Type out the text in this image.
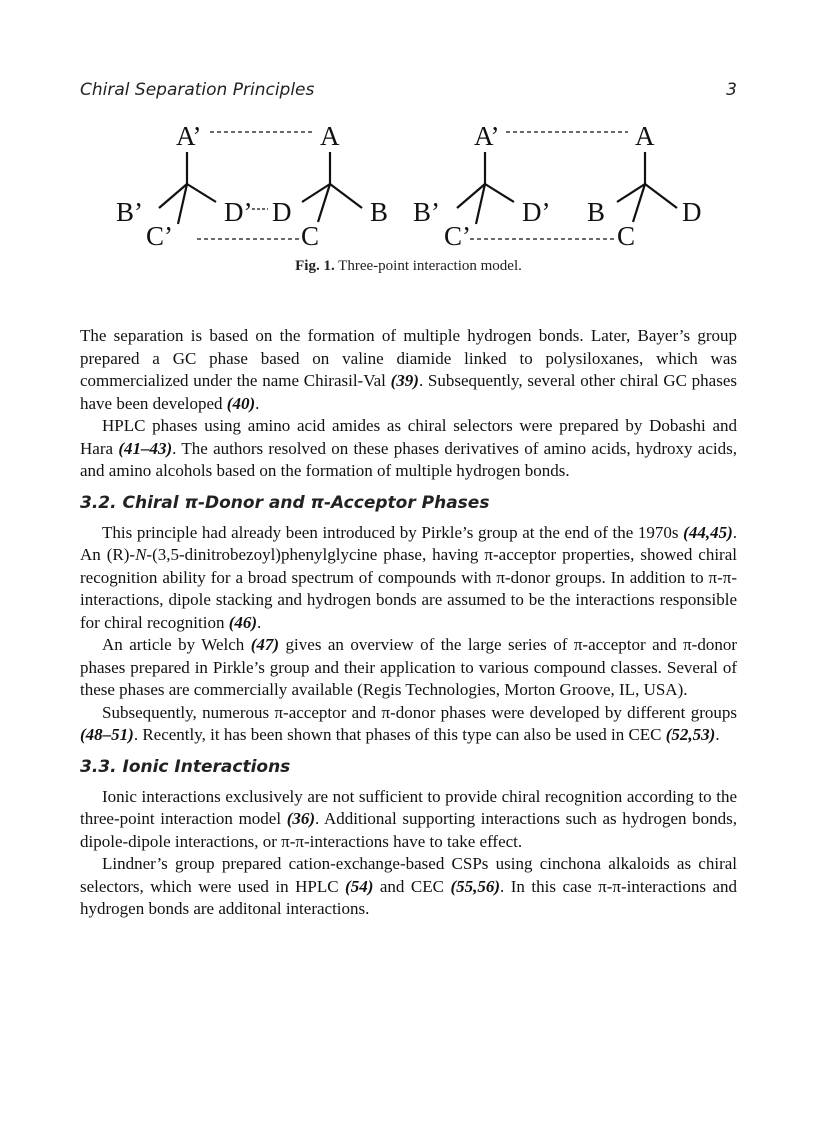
Chiral Separation Principles	3
A’	A
B’	D’ D	B
C’	C
A’	A
B’	D’ B	D
C’	C
Fig. 1. Three-point interaction model.

The separation is based on the formation of multiple hydrogen bonds. Later, Bayer’s group prepared a GC phase based on valine diamide linked to polysiloxanes, which was commercialized under the name Chirasil-Val (39). Subsequently, several other chiral GC phases have been developed (40).

HPLC phases using amino acid amides as chiral selectors were prepared by Dobashi and Hara (41–43). The authors resolved on these phases derivatives of amino acids, hydroxy acids, and amino alcohols based on the formation of multiple hydrogen bonds.

3.2. Chiral π-Donor and π-Acceptor Phases

This principle had already been introduced by Pirkle’s group at the end of the 1970s (44,45). An (R)-N-(3,5-dinitrobezoyl)phenylglycine phase, having π-acceptor properties, showed chiral recognition ability for a broad spectrum of compounds with π-donor groups. In addition to π-π-interactions, dipole stacking and hydrogen bonds are assumed to be the interactions responsible for chiral recognition (46).

An article by Welch (47) gives an overview of the large series of π-acceptor and π-donor phases prepared in Pirkle’s group and their application to various compound classes. Several of these phases are commercially available (Regis Technologies, Morton Groove, IL, USA).

Subsequently, numerous π-acceptor and π-donor phases were developed by different groups (48–51). Recently, it has been shown that phases of this type can also be used in CEC (52,53).

3.3. Ionic Interactions

Ionic interactions exclusively are not sufficient to provide chiral recognition according to the three-point interaction model (36). Additional supporting interactions such as hydrogen bonds, dipole-dipole interactions, or π-π-interactions have to take effect.

Lindner’s group prepared cation-exchange-based CSPs using cinchona alkaloids as chiral selectors, which were used in HPLC (54) and CEC (55,56). In this case π-π-interactions and hydrogen bonds are additonal interactions.
